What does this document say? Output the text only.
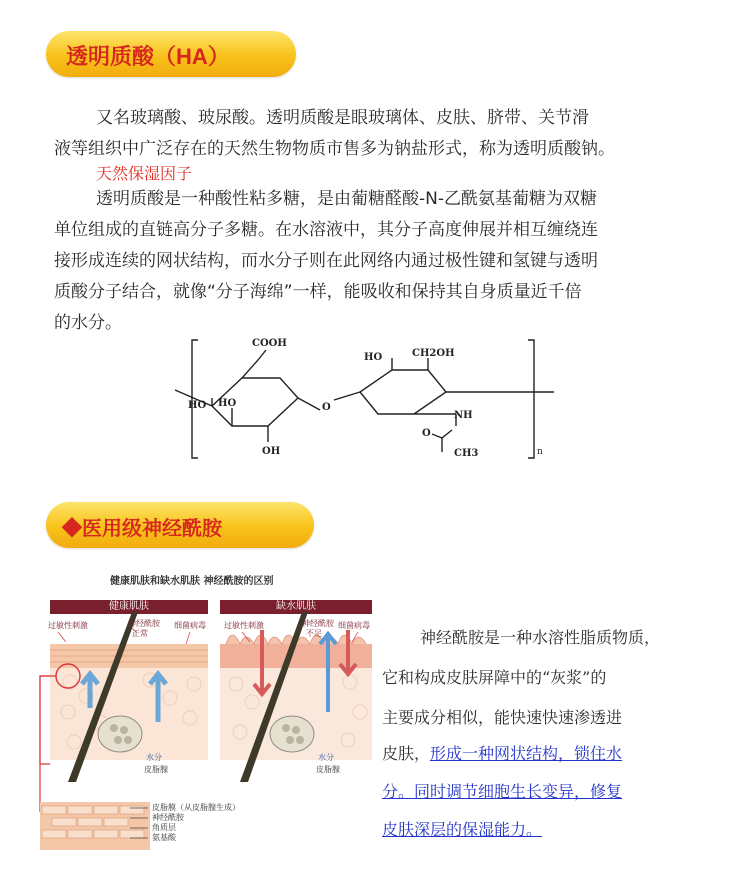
透明质酸（HA）
又名玻璃酸、玻尿酸。透明质酸是眼玻璃体、皮肤、脐带、关节滑
液等组织中广泛存在的天然生物物质市售多为钠盐形式，称为透明质酸钠。
天然保湿因子
透明质酸是一种酸性粘多糖，是由葡糖醛酸-N-乙酰氨基葡糖为双糖
单位组成的直链高分子多糖。在水溶液中，其分子高度伸展并相互缠绕连
接形成连续的网状结构，而水分子则在此网络内通过极性键和氢键与透明
质酸分子结合，就像“分子海绵”一样，能吸收和保持其自身质量近千倍
的水分。
COOH
HO HO
OH
O
CH2OH
HO
NH
O
CH3	n
◆医用级神经酰胺
健康肌肤和缺水肌肤 神经酰胺的区别
健康肌肤	缺水肌肤
过敏性刺激	神经酰胺
正常
细菌病毒
水分
皮脂腺
过敏性刺激	神经酰胺
不足
细菌病毒
水分
皮脂腺
皮脂膜（从皮脂腺生成）
神经酰胺
角质层
氨基酸
神经酰胺是一种水溶性脂质物质，
它和构成皮肤屏障中的“灰浆”的
主要成分相似，能快速快速渗透进
皮肤，形成一种网状结构，锁住水
分。同时调节细胞生长变异，修复
皮肤深层的保湿能力。
